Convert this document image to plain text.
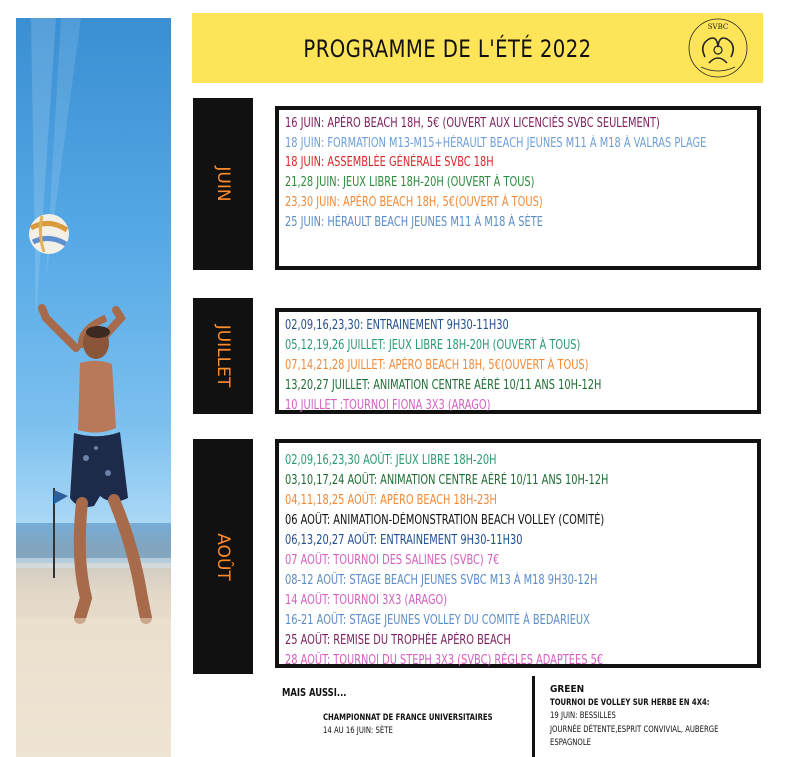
PROGRAMME DE L'ÉTÉ 2022
SVBC
JUIN
16 JUIN: APÉRO BEACH 18H, 5€ (OUVERT AUX LICENCIÉS SVBC SEULEMENT)
18 JUIN: FORMATION M13-M15+HÉRAULT BEACH JEUNES M11 À M18 À VALRAS PLAGE
18 JUIN: ASSEMBLÉE GÉNÉRALE SVBC 18H
21,28 JUIN: JEUX LIBRE 18H-20H (OUVERT À TOUS)
23,30 JUIN: APÉRO BEACH 18H, 5€(OUVERT À TOUS)
25 JUIN: HÉRAULT BEACH JEUNES M11 À M18 À SÈTE
JUILLET	02,09,16,23,30: ENTRAINEMENT 9H30-11H30
05,12,19,26 JUILLET: JEUX LIBRE 18H-20H (OUVERT À TOUS)
07,14,21,28 JUILLET: APÉRO BEACH 18H, 5€(OUVERT À TOUS)
13,20,27 JUILLET: ANIMATION CENTRE AÉRÉ 10/11 ANS 10H-12H
10 JUILLET :TOURNOI FIONA 3X3 (ARAGO)
AOÛT
02,09,16,23,30 AOÛT: JEUX LIBRE 18H-20H
03,10,17,24 AOÛT: ANIMATION CENTRE AÉRÉ 10/11 ANS 10H-12H
04,11,18,25 AOÛT: APÉRO BEACH 18H-23H
06 AOÛT: ANIMATION-DÉMONSTRATION BEACH VOLLEY (COMITÉ)
06,13,20,27 AOÛT: ENTRAINEMENT 9H30-11H30
07 AOÛT: TOURNOI DES SALINES (SVBC) 7€
08-12 AOÛT: STAGE BEACH JEUNES SVBC M13 À M18 9H30-12H
14 AOÛT: TOURNOI 3X3 (ARAGO)
16-21 AOÛT: STAGE JEUNES VOLLEY DU COMITÉ À BEDARIEUX
25 AOÛT: REMISE DU TROPHÉE APÉRO BEACH
28 AOÛT: TOURNOI DU STEPH 3X3 (SVBC) RÈGLES ADAPTÉES 5€
MAIS AUSSI...
CHAMPIONNAT DE FRANCE UNIVERSITAIRES
14 AU 16 JUIN: SÈTE
GREEN
TOURNOI DE VOLLEY SUR HERBE EN 4X4:
19 JUIN: BESSILLES
JOURNÉE DÉTENTE,ESPRIT CONVIVIAL, AUBERGE ESPAGNOLE
